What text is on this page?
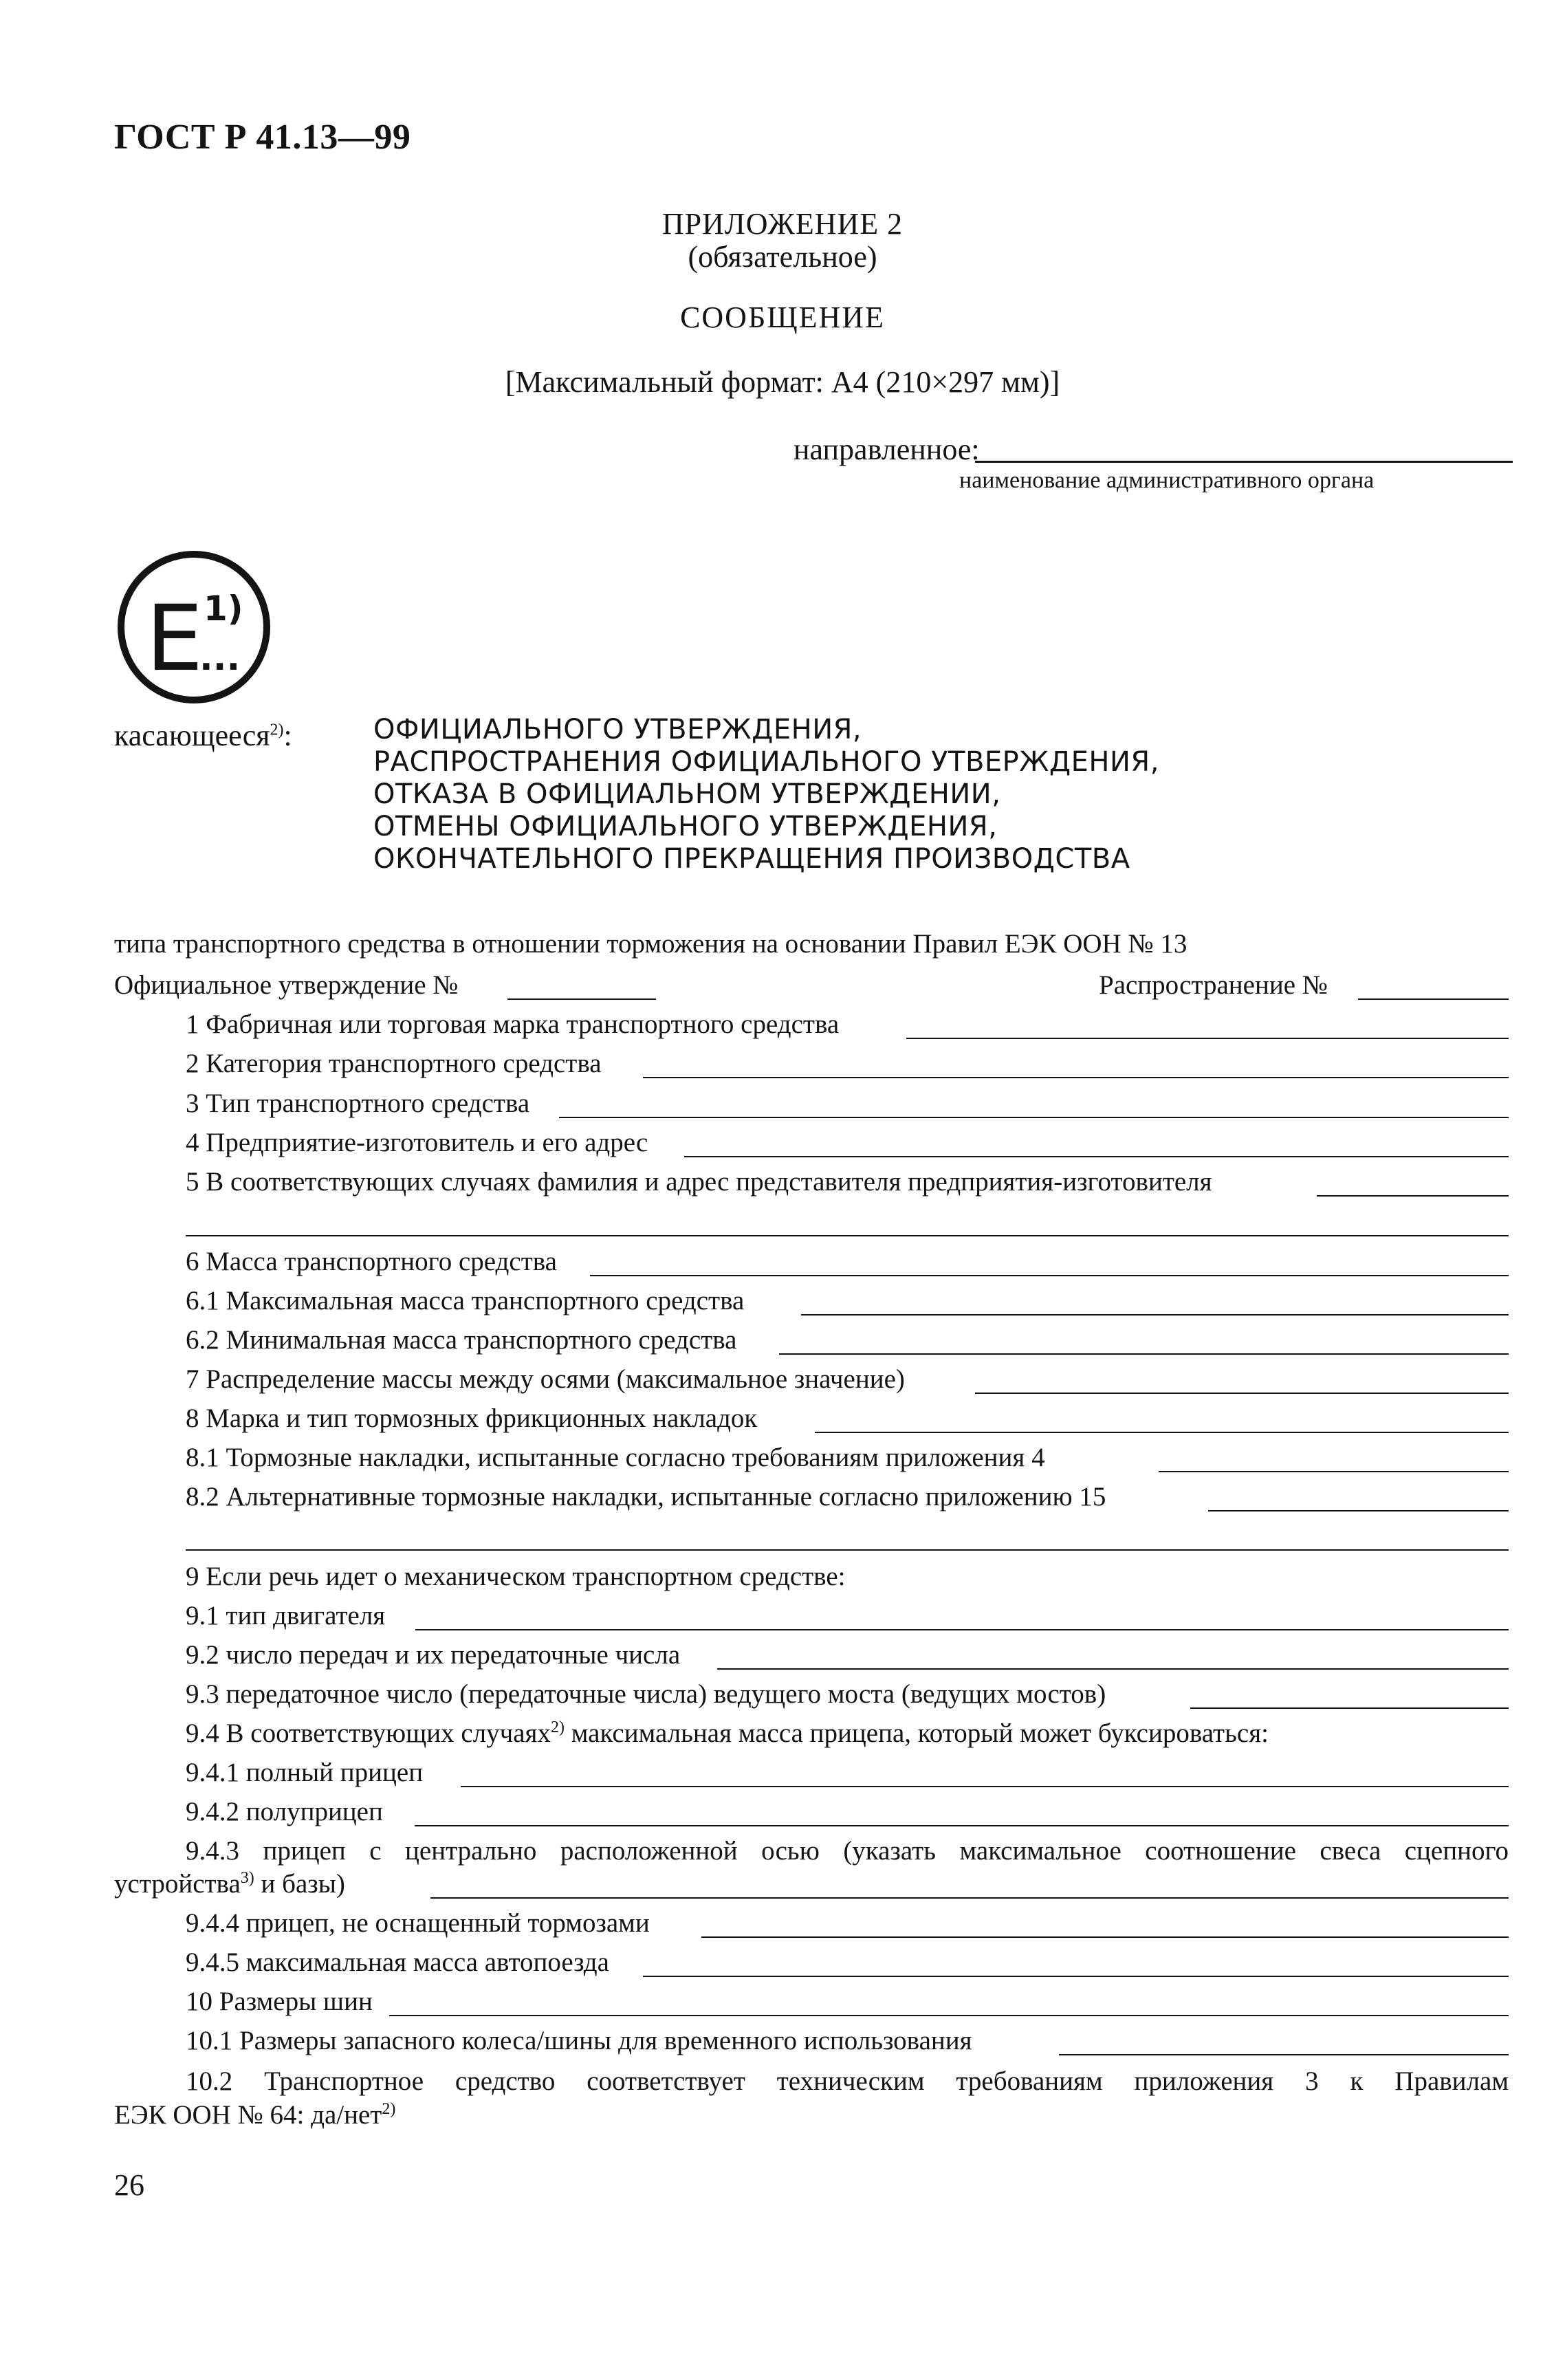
ГОСТ Р 41.13—99
ПРИЛОЖЕНИЕ 2
(обязательное)
СООБЩЕНИЕ
[Максимальный формат: А4 (210×297 мм)]
направленное:
наименование административного органа
E 1)
...
касающееся$^{2)}$:	ОФИЦИАЛЬНОГО УТВЕРЖДЕНИЯ,
РАСПРОСТРАНЕНИЯ ОФИЦИАЛЬНОГО УТВЕРЖДЕНИЯ,
ОТКАЗА В ОФИЦИАЛЬНОМ УТВЕРЖДЕНИИ,
ОТМЕНЫ ОФИЦИАЛЬНОГО УТВЕРЖДЕНИЯ,
ОКОНЧАТЕЛЬНОГО ПРЕКРАЩЕНИЯ ПРОИЗВОДСТВА
типа транспортного средства в отношении торможения на основании Правил ЕЭК ООН № 13
Официальное утверждение №	Распространение №
1 Фабричная или торговая марка транспортного средства
2 Категория транспортного средства
3 Тип транспортного средства
4 Предприятие-изготовитель и его адрес
5 В соответствующих случаях фамилия и адрес представителя предприятия-изготовителя
6 Масса транспортного средства
6.1 Максимальная масса транспортного средства
6.2 Минимальная масса транспортного средства
7 Распределение массы между осями (максимальное значение)
8 Марка и тип тормозных фрикционных накладок
8.1 Тормозные накладки, испытанные согласно требованиям приложения 4
8.2 Альтернативные тормозные накладки, испытанные согласно приложению 15
9 Если речь идет о механическом транспортном средстве:
9.1 тип двигателя
9.2 число передач и их передаточные числа
9.3 передаточное число (передаточные числа) ведущего моста (ведущих мостов)
9.4 В соответствующих случаях$^{2)}$ максимальная масса прицепа, который может буксироваться:
9.4.1 полный прицеп
9.4.2 полуприцеп
9.4.3 прицеп с центрально расположенной осью (указать максимальное соотношение свеса сцепного
устройства$^{3)}$ и базы)
9.4.4 прицеп, не оснащенный тормозами
9.4.5 максимальная масса автопоезда
10 Размеры шин
10.1 Размеры запасного колеса/шины для временного использования
10.2 Транспортное средство соответствует техническим требованиям приложения 3 к Правилам
ЕЭК ООН № 64: да/нет$^{2)}$
26
